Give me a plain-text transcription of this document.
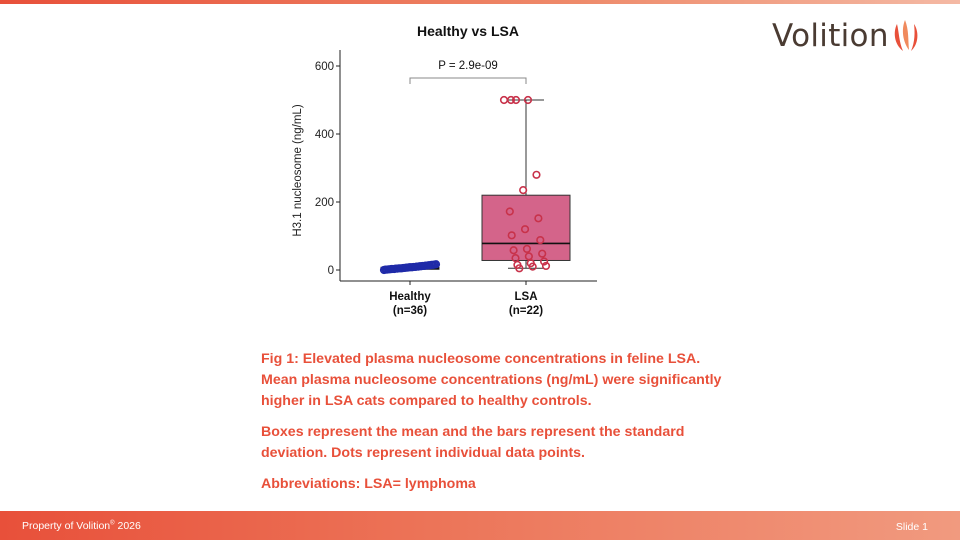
Volition
Healthy vs LSA
0
200
400
600
H3.1 nucleosome (ng/mL)
Healthy
(n=36)
LSA
(n=22)
P = 2.9e-09

Fig 1: Elevated plasma nucleosome concentrations in feline LSA. Mean plasma nucleosome concentrations (ng/mL) were significantly higher in LSA cats compared to healthy controls.

Boxes represent the mean and the bars represent the standard deviation. Dots represent individual data points.

Abbreviations: LSA= lymphoma

Property of Volition® 2026	Slide 1
